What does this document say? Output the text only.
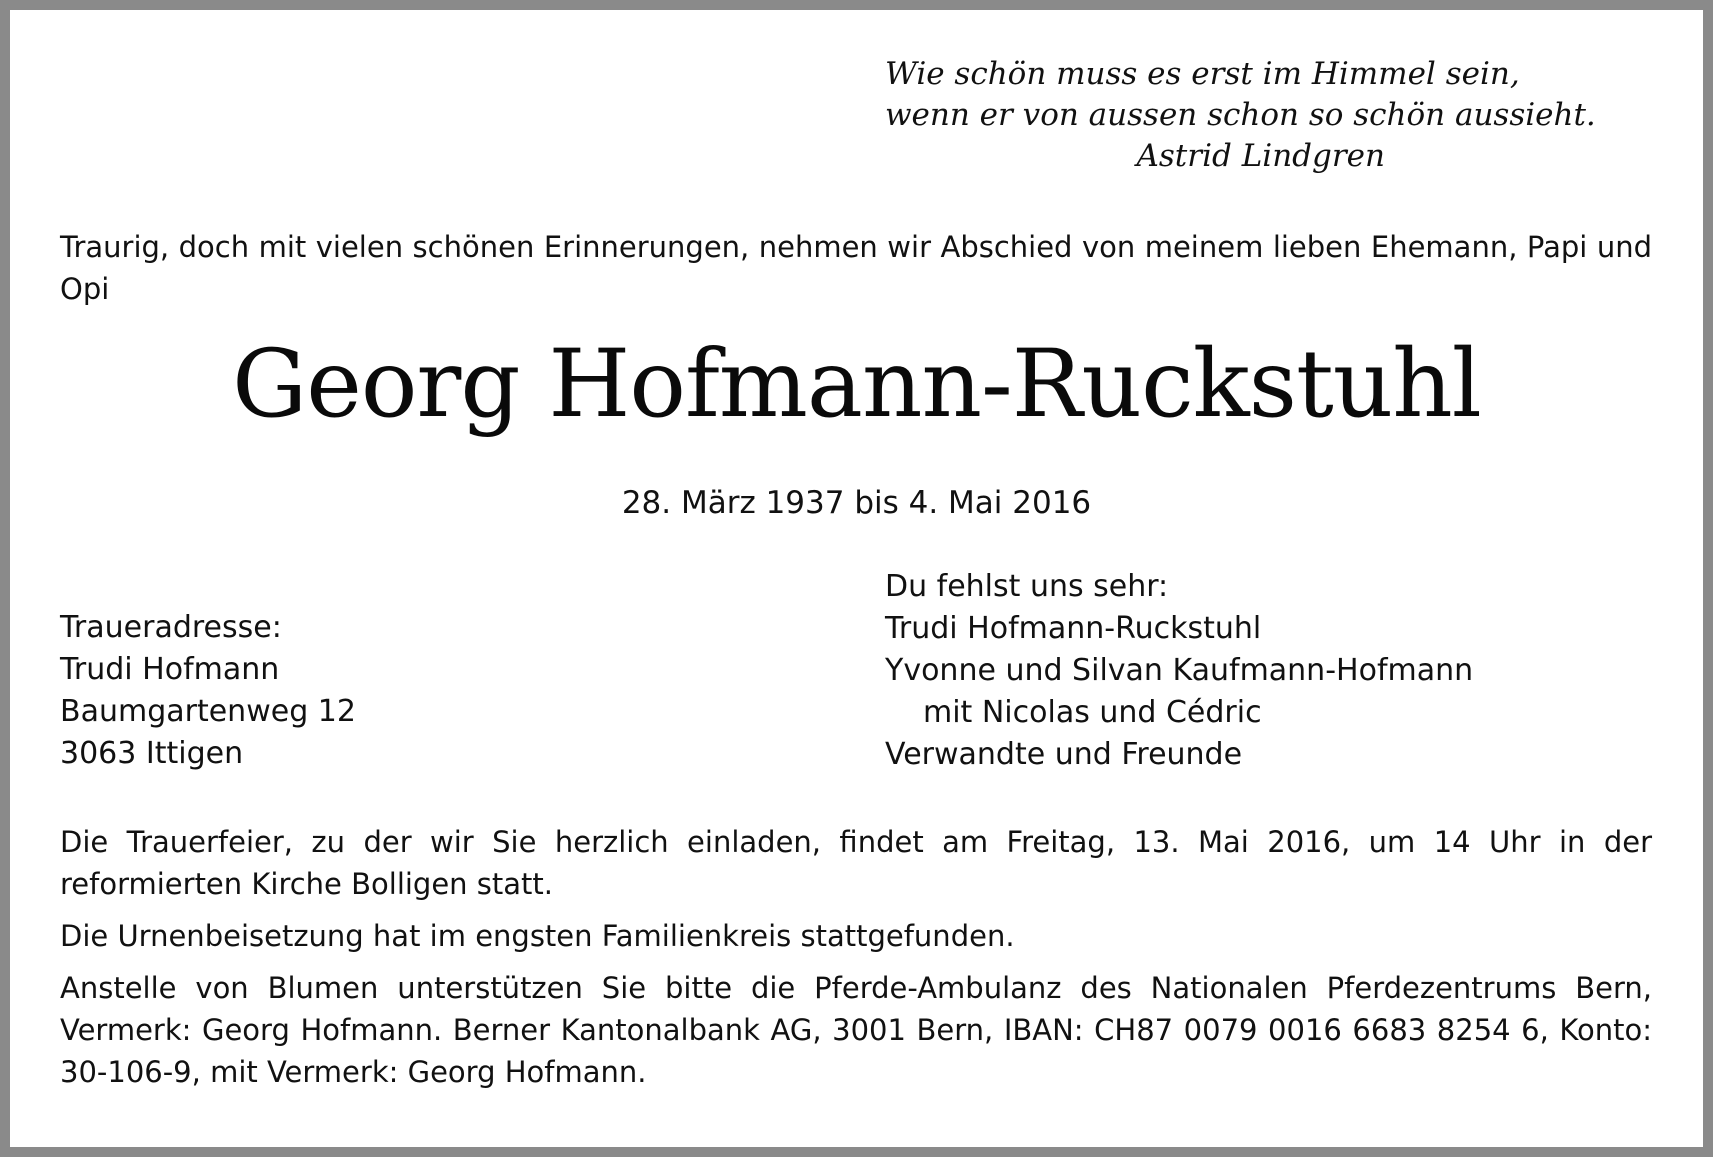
Wie schön muss es erst im Himmel sein,
wenn er von aussen schon so schön aussieht.
Astrid Lindgren
Traurig, doch mit vielen schönen Erinnerungen, nehmen wir Abschied von meinem lieben Ehemann, Papi und Opi
Georg Hofmann-Ruckstuhl
28. März 1937 bis 4. Mai 2016
Traueradresse:
Trudi Hofmann
Baumgartenweg 12
3063 Ittigen
Du fehlst uns sehr:
Trudi Hofmann-Ruckstuhl
Yvonne und Silvan Kaufmann-Hofmann
mit Nicolas und Cédric
Verwandte und Freunde

Die Trauerfeier, zu der wir Sie herzlich einladen, findet am Freitag, 13. Mai 2016, um 14 Uhr in der reformierten Kirche Bolligen statt.

Die Urnenbeisetzung hat im engsten Familienkreis stattgefunden.

Anstelle von Blumen unterstützen Sie bitte die Pferde-Ambulanz des Nationalen Pferdezentrums Bern, Vermerk: Georg Hofmann. Berner Kantonalbank AG, 3001 Bern, IBAN: CH87 0079 0016 6683 8254 6, Konto: 30-106-9, mit Vermerk: Georg Hofmann.
